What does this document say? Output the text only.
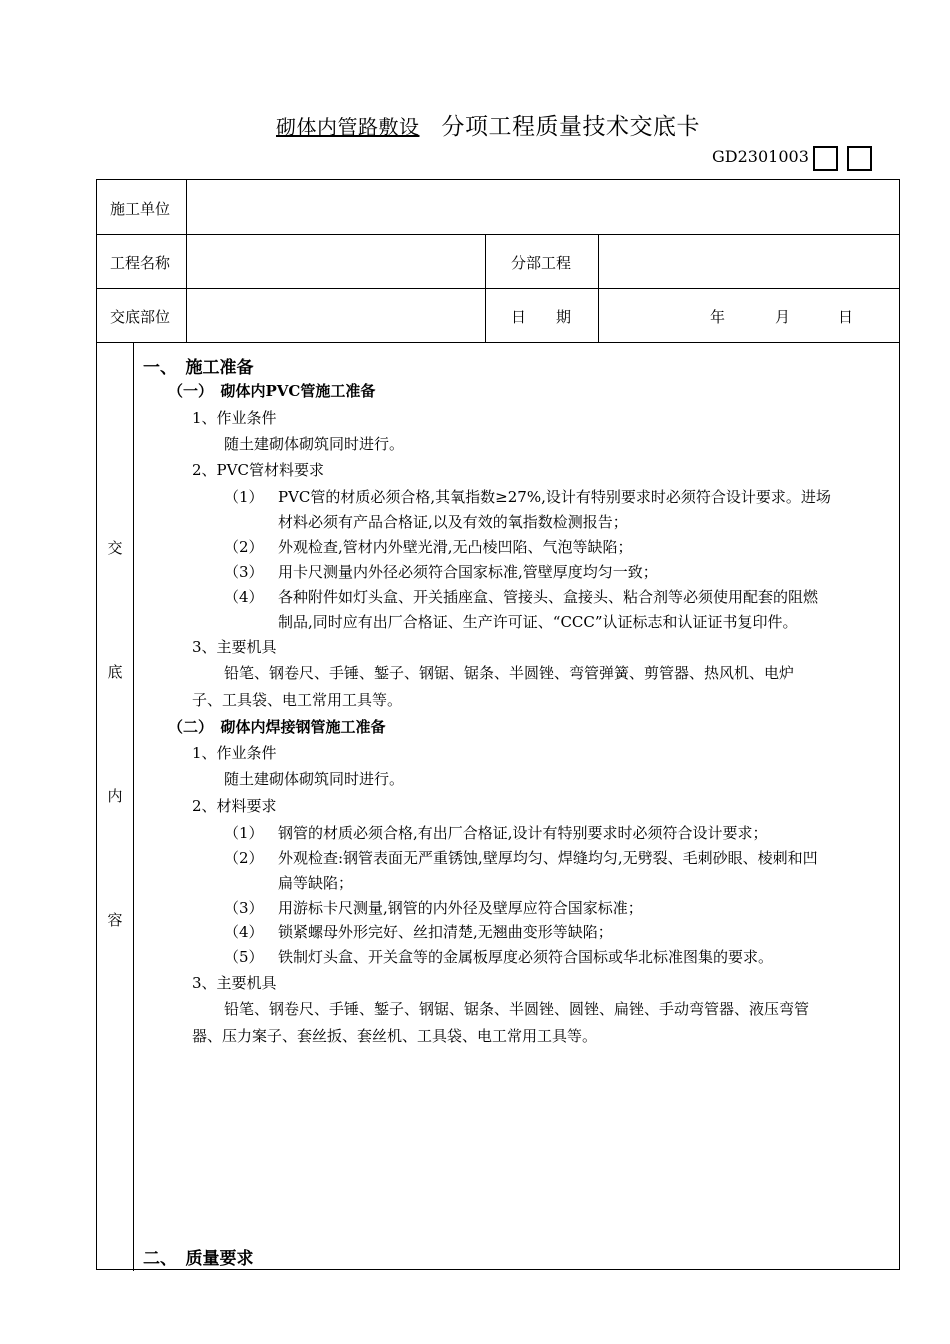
砌体内管路敷设 分项工程质量技术交底卡
GD2301003
施工单位
工程名称	分部工程
交底部位	日　　期	年	月	日
交
底
内
容
一、　施工准备
（一）　砌体内PVC管施工准备
1、作业条件
随土建砌体砌筑同时进行。
2、PVC管材料要求
（1） PVC管的材质必须合格,其氧指数≥27%,设计有特别要求时必须符合设计要求。进场
材料必须有产品合格证,以及有效的氧指数检测报告；
（2） 外观检查,管材内外壁光滑,无凸棱凹陷、气泡等缺陷；
（3） 用卡尺测量内外径必须符合国家标准,管壁厚度均匀一致；
（4） 各种附件如灯头盒、开关插座盒、管接头、盒接头、粘合剂等必须使用配套的阻燃
制品,同时应有出厂合格证、生产许可证、“CCC”认证标志和认证证书复印件。
3、主要机具
铅笔、钢卷尺、手锤、錾子、钢锯、锯条、半圆锉、弯管弹簧、剪管器、热风机、电炉
子、工具袋、电工常用工具等。
（二）　砌体内焊接钢管施工准备
1、作业条件
随土建砌体砌筑同时进行。
2、材料要求
（1） 钢管的材质必须合格,有出厂合格证,设计有特别要求时必须符合设计要求；
（2） 外观检查:钢管表面无严重锈蚀,壁厚均匀、焊缝均匀,无劈裂、毛刺砂眼、棱刺和凹
扁等缺陷；
（3） 用游标卡尺测量,钢管的内外径及壁厚应符合国家标准；
（4） 锁紧螺母外形完好、丝扣清楚,无翘曲变形等缺陷；
（5） 铁制灯头盒、开关盒等的金属板厚度必须符合国标或华北标准图集的要求。
3、主要机具
铅笔、钢卷尺、手锤、錾子、钢锯、锯条、半圆锉、圆锉、扁锉、手动弯管器、液压弯管
器、压力案子、套丝扳、套丝机、工具袋、电工常用工具等。
二、　质量要求
